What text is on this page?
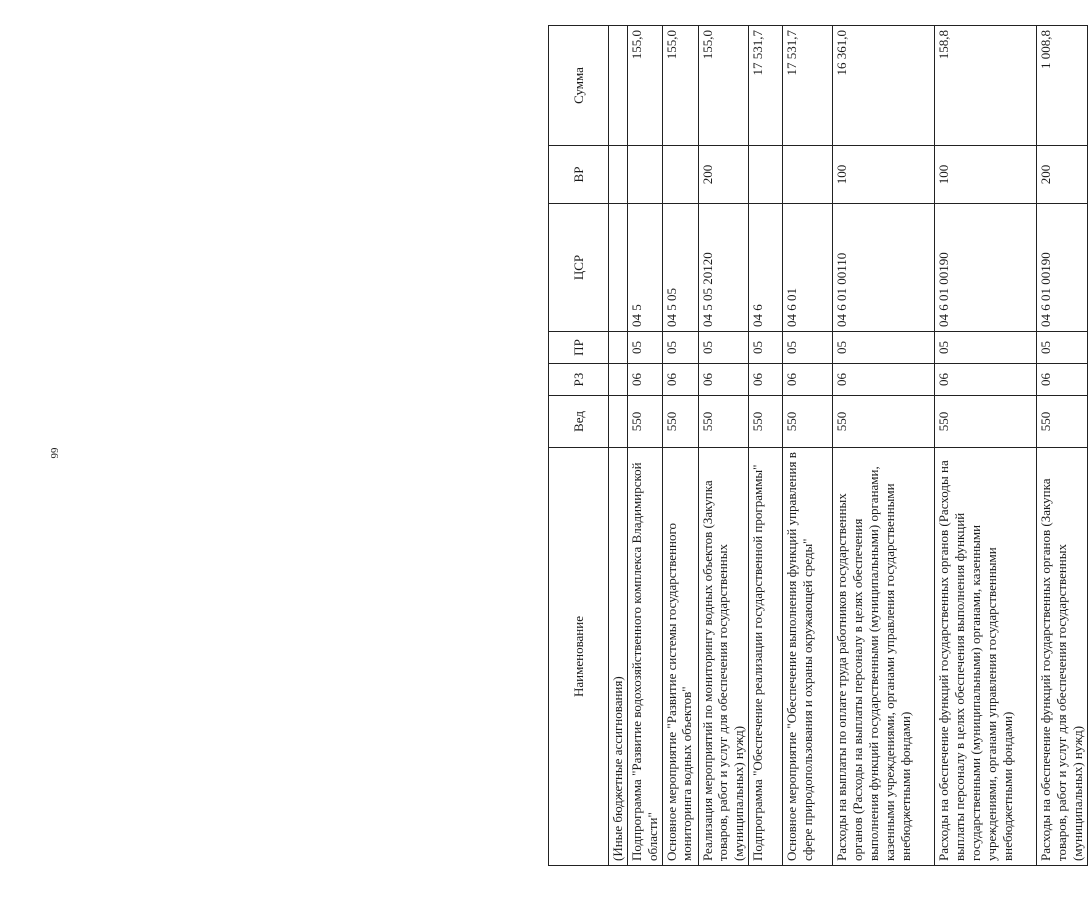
66
Наименование	Вед	РЗ	ПР	ЦСР	ВР	Сумма
(Иные бюджетные ассигнования)						
Подпрограмма "Развитие водохозяйственного комплекса Владимирской области"	550	06	05	04 5		155,0
Основное мероприятие "Развитие системы государственного мониторинга водных объектов"	550	06	05	04 5 05		155,0
Реализация мероприятий по мониторингу водных объектов (Закупка товаров, работ и услуг для обеспечения государственных (муниципальных) нужд)	550	06	05	04 5 05 20120	200	155,0
Подпрограмма "Обеспечение реализации государственной программы"	550	06	05	04 6		17 531,7
Основное мероприятие "Обеспечение выполнения функций управления в сфере природопользования и охраны окружающей среды"	550	06	05	04 6 01		17 531,7
Расходы на выплаты по оплате труда работников государственных органов (Расходы на выплаты персоналу в целях обеспечения выполнения функций государственными (муниципальными) органами, казенными учреждениями, органами управления государственными внебюджетными фондами)	550	06	05	04 6 01 00110	100	16 361,0
Расходы на обеспечение функций государственных органов (Расходы на выплаты персоналу в целях обеспечения выполнения функций государственными (муниципальными) органами, казенными учреждениями, органами управления государственными внебюджетными фондами)	550	06	05	04 6 01 00190	100	158,8
Расходы на обеспечение функций государственных органов (Закупка товаров, работ и услуг для обеспечения государственных (муниципальных) нужд)	550	06	05	04 6 01 00190	200	1 008,8
